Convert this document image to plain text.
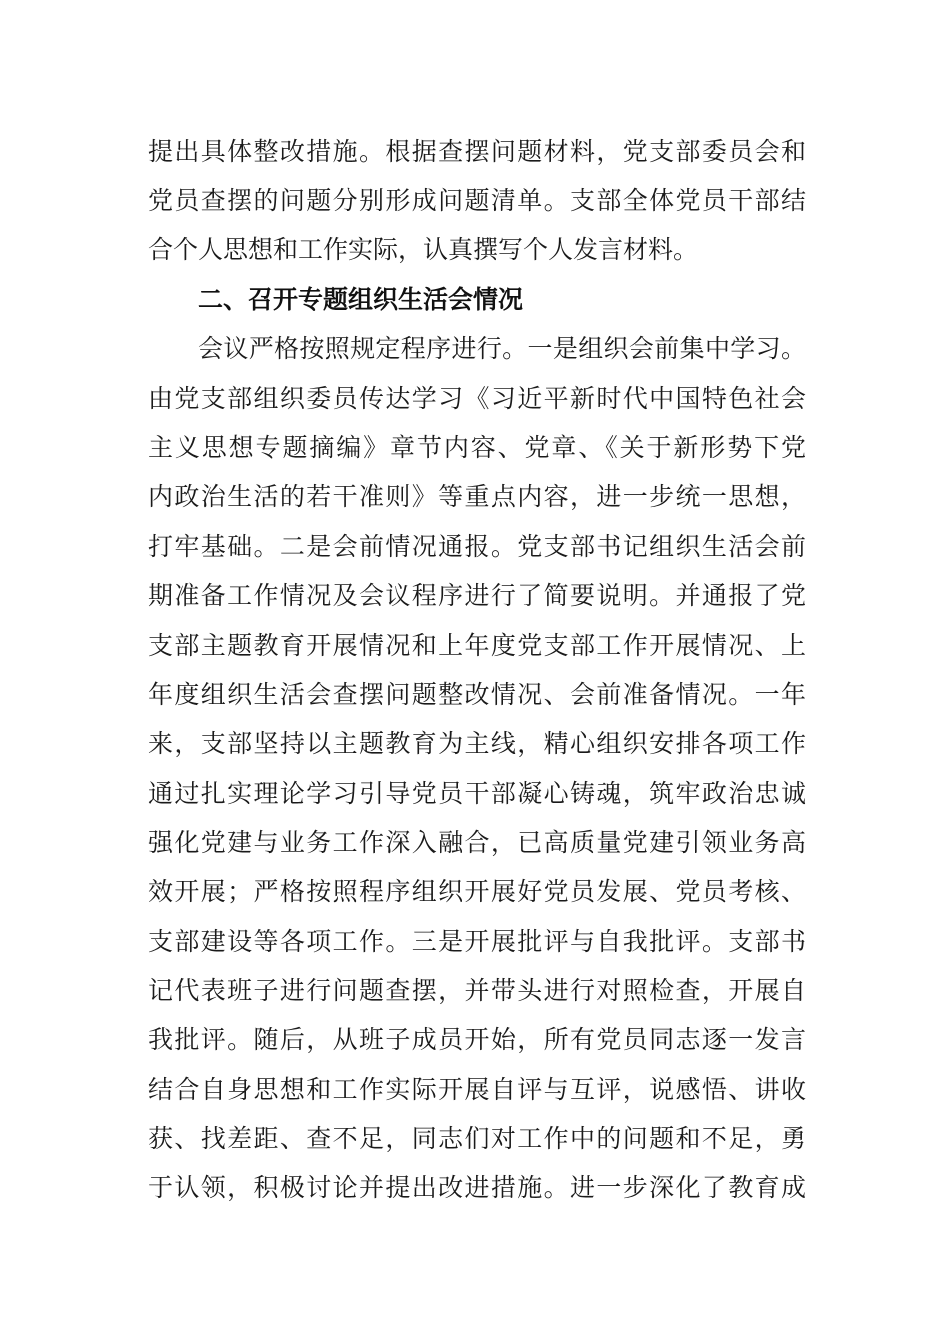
提出具体整改措施。根据查摆问题材料，党支部委员会和
党员查摆的问题分别形成问题清单。支部全体党员干部结
合个人思想和工作实际，认真撰写个人发言材料。
二、召开专题组织生活会情况
会议严格按照规定程序进行。一是组织会前集中学习。
由党支部组织委员传达学习《习近平新时代中国特色社会
主义思想专题摘编》章节内容、党章、《关于新形势下党
内政治生活的若干准则》等重点内容，进一步统一思想，
打牢基础。二是会前情况通报。党支部书记组织生活会前
期准备工作情况及会议程序进行了简要说明。并通报了党
支部主题教育开展情况和上年度党支部工作开展情况、上
年度组织生活会查摆问题整改情况、会前准备情况。一年
来，支部坚持以主题教育为主线，精心组织安排各项工作
通过扎实理论学习引导党员干部凝心铸魂，筑牢政治忠诚
强化党建与业务工作深入融合，已高质量党建引领业务高
效开展；严格按照程序组织开展好党员发展、党员考核、
支部建设等各项工作。三是开展批评与自我批评。支部书
记代表班子进行问题查摆，并带头进行对照检查，开展自
我批评。随后，从班子成员开始，所有党员同志逐一发言
结合自身思想和工作实际开展自评与互评，说感悟、讲收
获、找差距、查不足，同志们对工作中的问题和不足，勇
于认领，积极讨论并提出改进措施。进一步深化了教育成
